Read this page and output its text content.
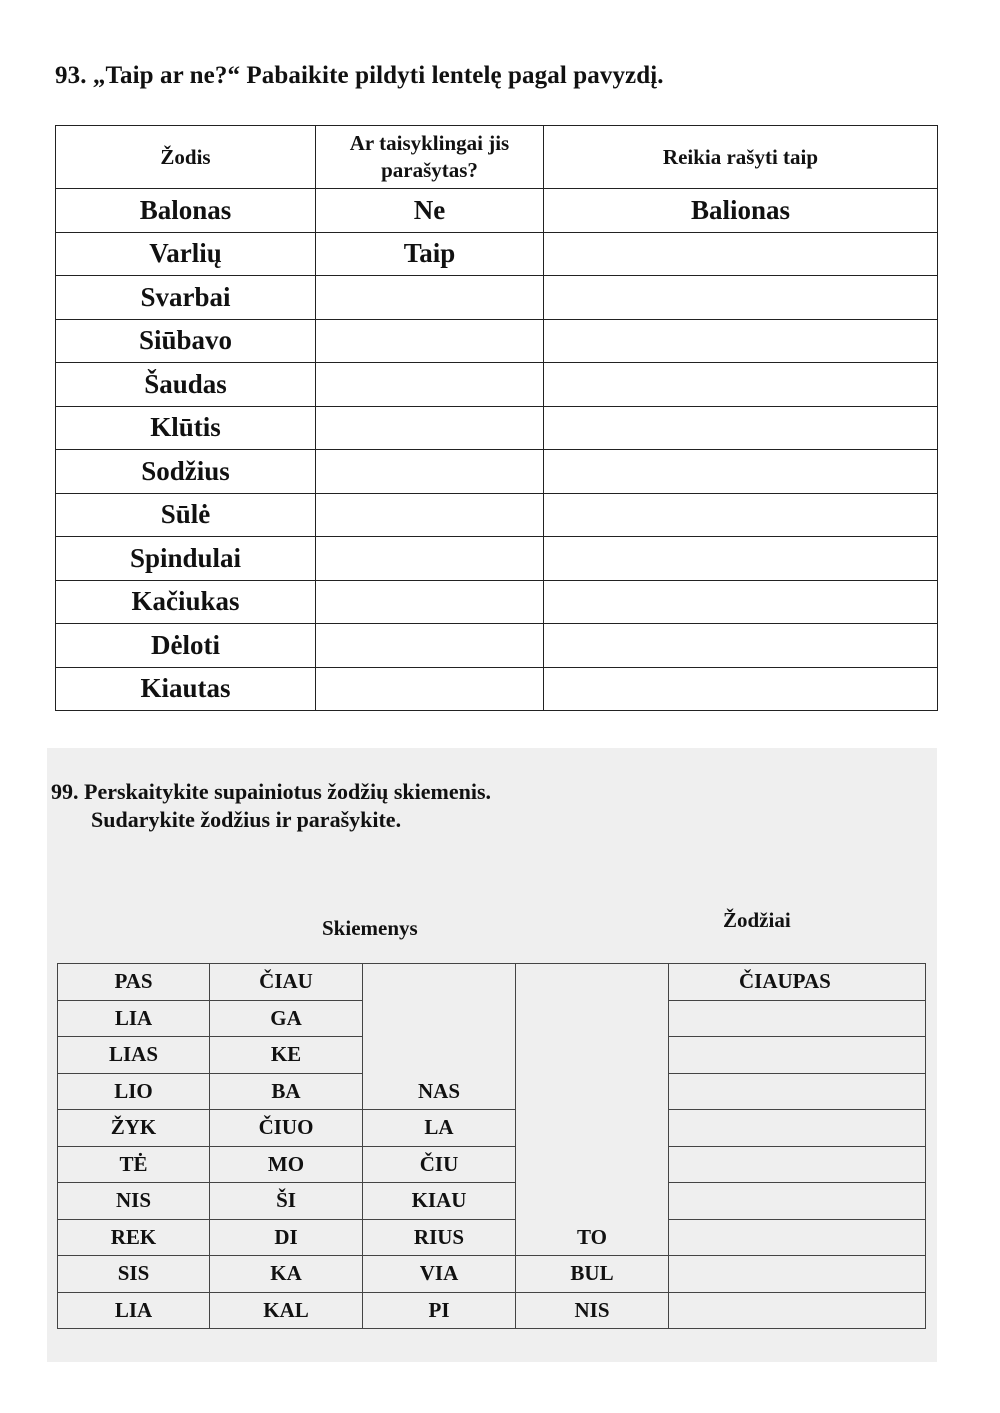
93. „Taip ar ne?“ Pabaikite pildyti lentelę pagal pavyzdį.
Žodis	Ar taisyklingai jis parašytas?	Reikia rašyti taip
Balonas	Ne	Balionas
Varlių	Taip	
Svarbai		
Siūbavo		
Šaudas		
Klūtis		
Sodžius		
Sūlė		
Spindulai		
Kačiukas		
Dėloti		
Kiautas		
99. Perskaitykite supainiotus žodžių skiemenis.
Sudarykite žodžius ir parašykite.
Skiemenys	Žodžiai
PAS	ČIAU			ČIAUPAS
LIA	GA			
LIAS	KE			
LIO	BA	NAS		
ŽYK	ČIUO	LA		
TĖ	MO	ČIU		
NIS	ŠI	KIAU		
REK	DI	RIUS	TO	
SIS	KA	VIA	BUL	
LIA	KAL	PI	NIS	
